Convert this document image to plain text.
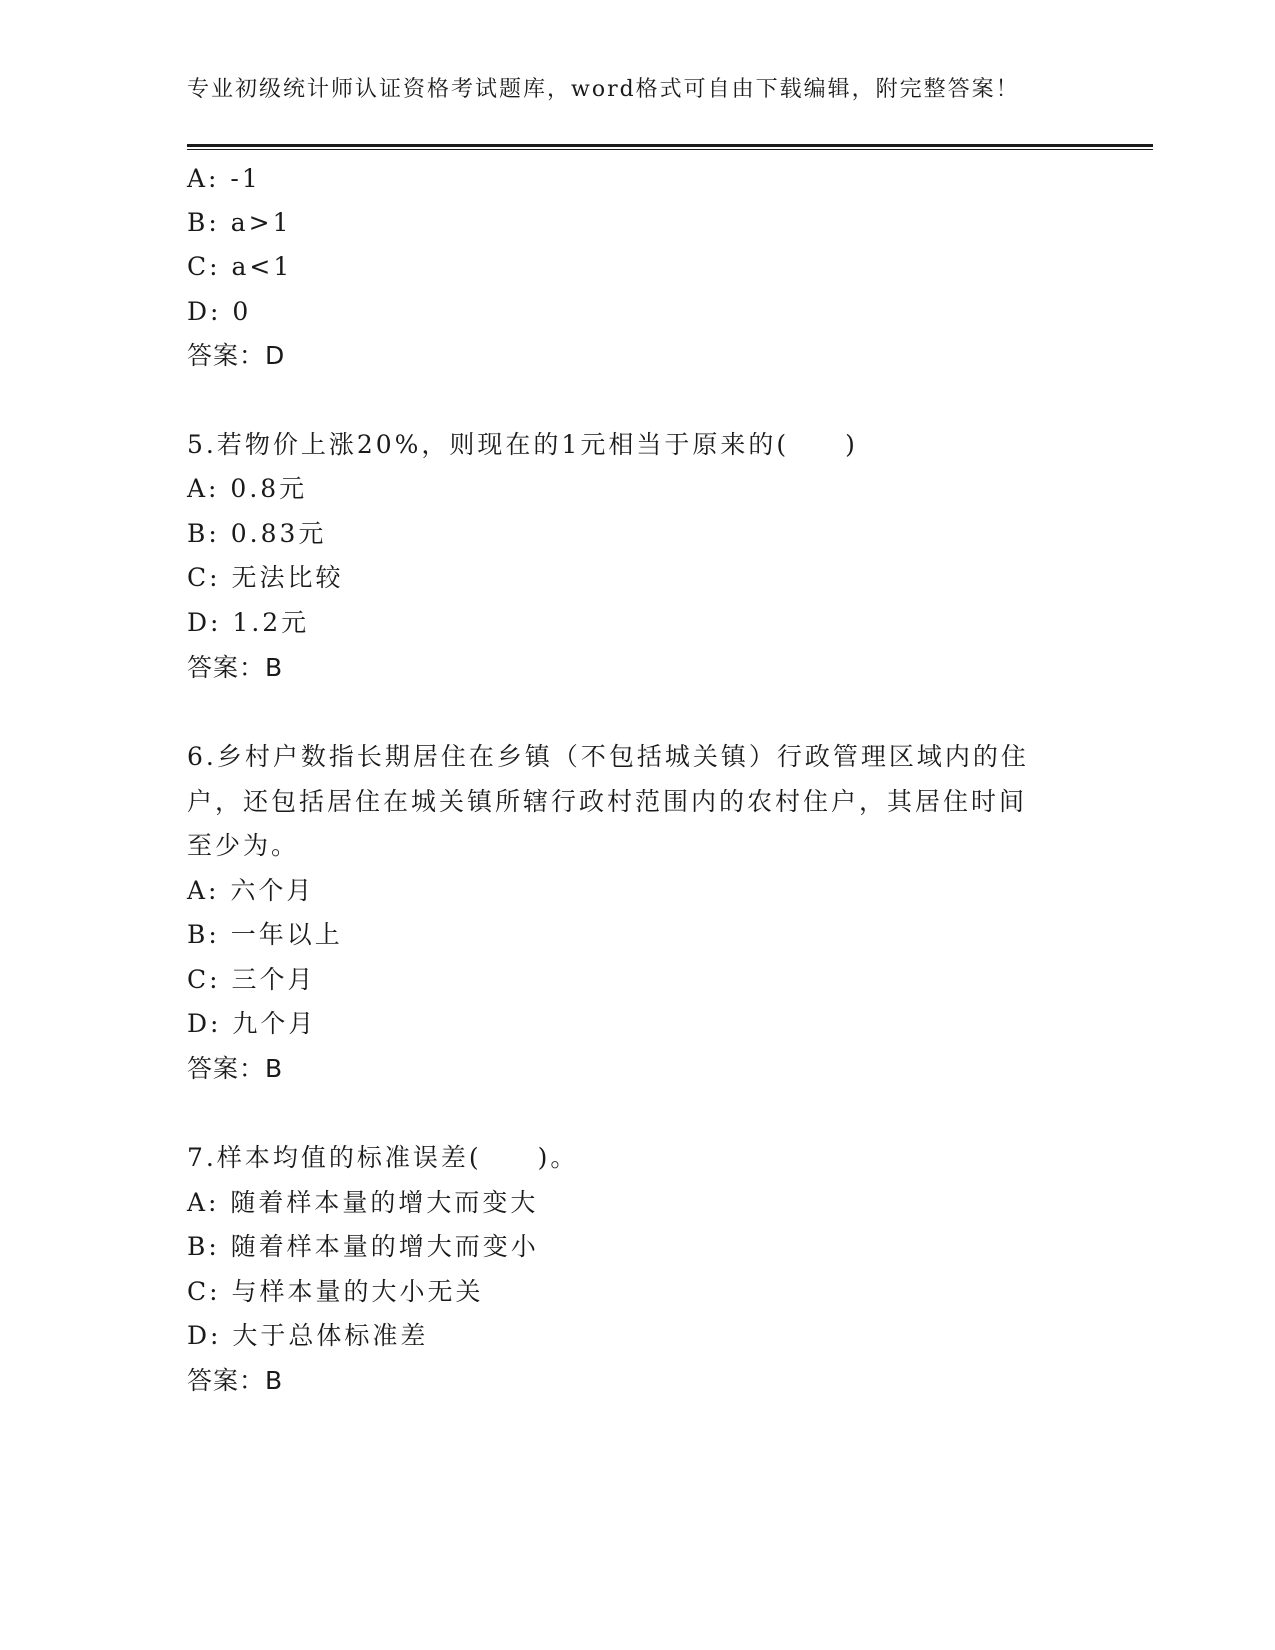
专业初级统计师认证资格考试题库，word格式可自由下载编辑，附完整答案！
A: -1
B: a>1
C: a<1
D: 0
答案：D
5.若物价上涨20%，则现在的1元相当于原来的(　　)
A: 0.8元
B: 0.83元
C: 无法比较
D: 1.2元
答案：B
6.乡村户数指长期居住在乡镇（不包括城关镇）行政管理区域内的住
户，还包括居住在城关镇所辖行政村范围内的农村住户，其居住时间
至少为。
A: 六个月
B: 一年以上
C: 三个月
D: 九个月
答案：B
7.样本均值的标准误差(　　)。
A: 随着样本量的增大而变大
B: 随着样本量的增大而变小
C: 与样本量的大小无关
D: 大于总体标准差
答案：B
